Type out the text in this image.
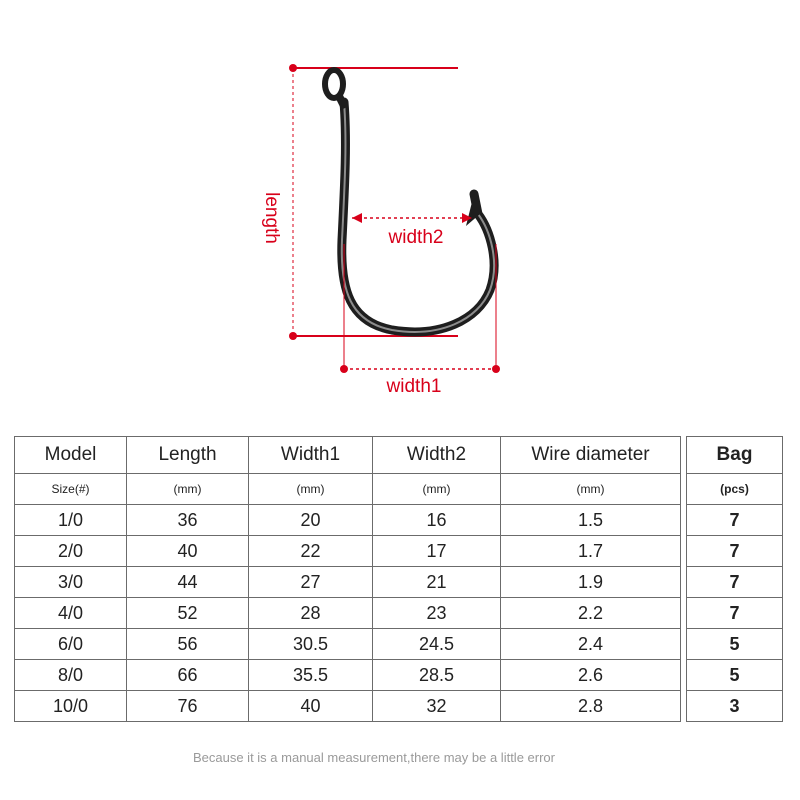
length	width2
width1
Model	Length	Width1	Width2	Wire diameter		Bag
Size(#)	(mm)	(mm)	(mm)	(mm)		(pcs)
1/0	36	20	16	1.5		7
2/0	40	22	17	1.7		7
3/0	44	27	21	1.9		7
4/0	52	28	23	2.2		7
6/0	56	30.5	24.5	2.4		5
8/0	66	35.5	28.5	2.6		5
10/0	76	40	32	2.8		3
Because it is a manual measurement,there may be a little error
